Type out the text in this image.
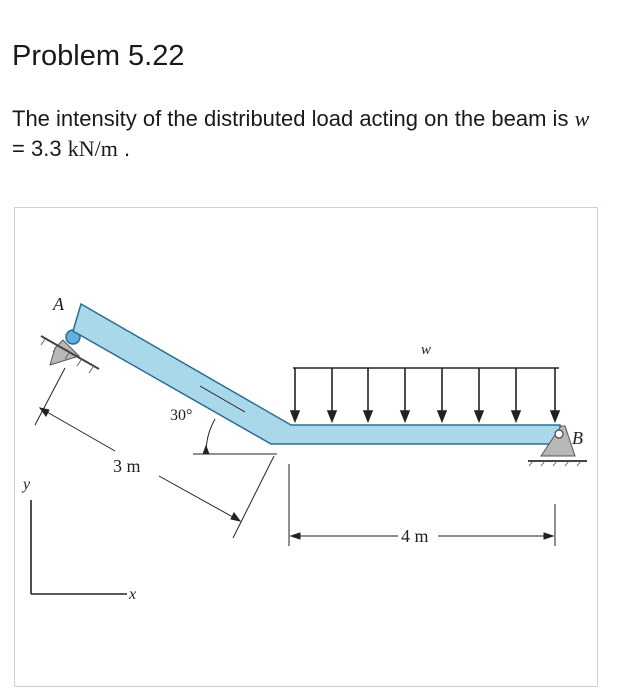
Problem 5.22
The intensity of the distributed load acting on the beam is w = 3.3 kN/m .
A
w
B
30°
3 m
4 m
y
x
